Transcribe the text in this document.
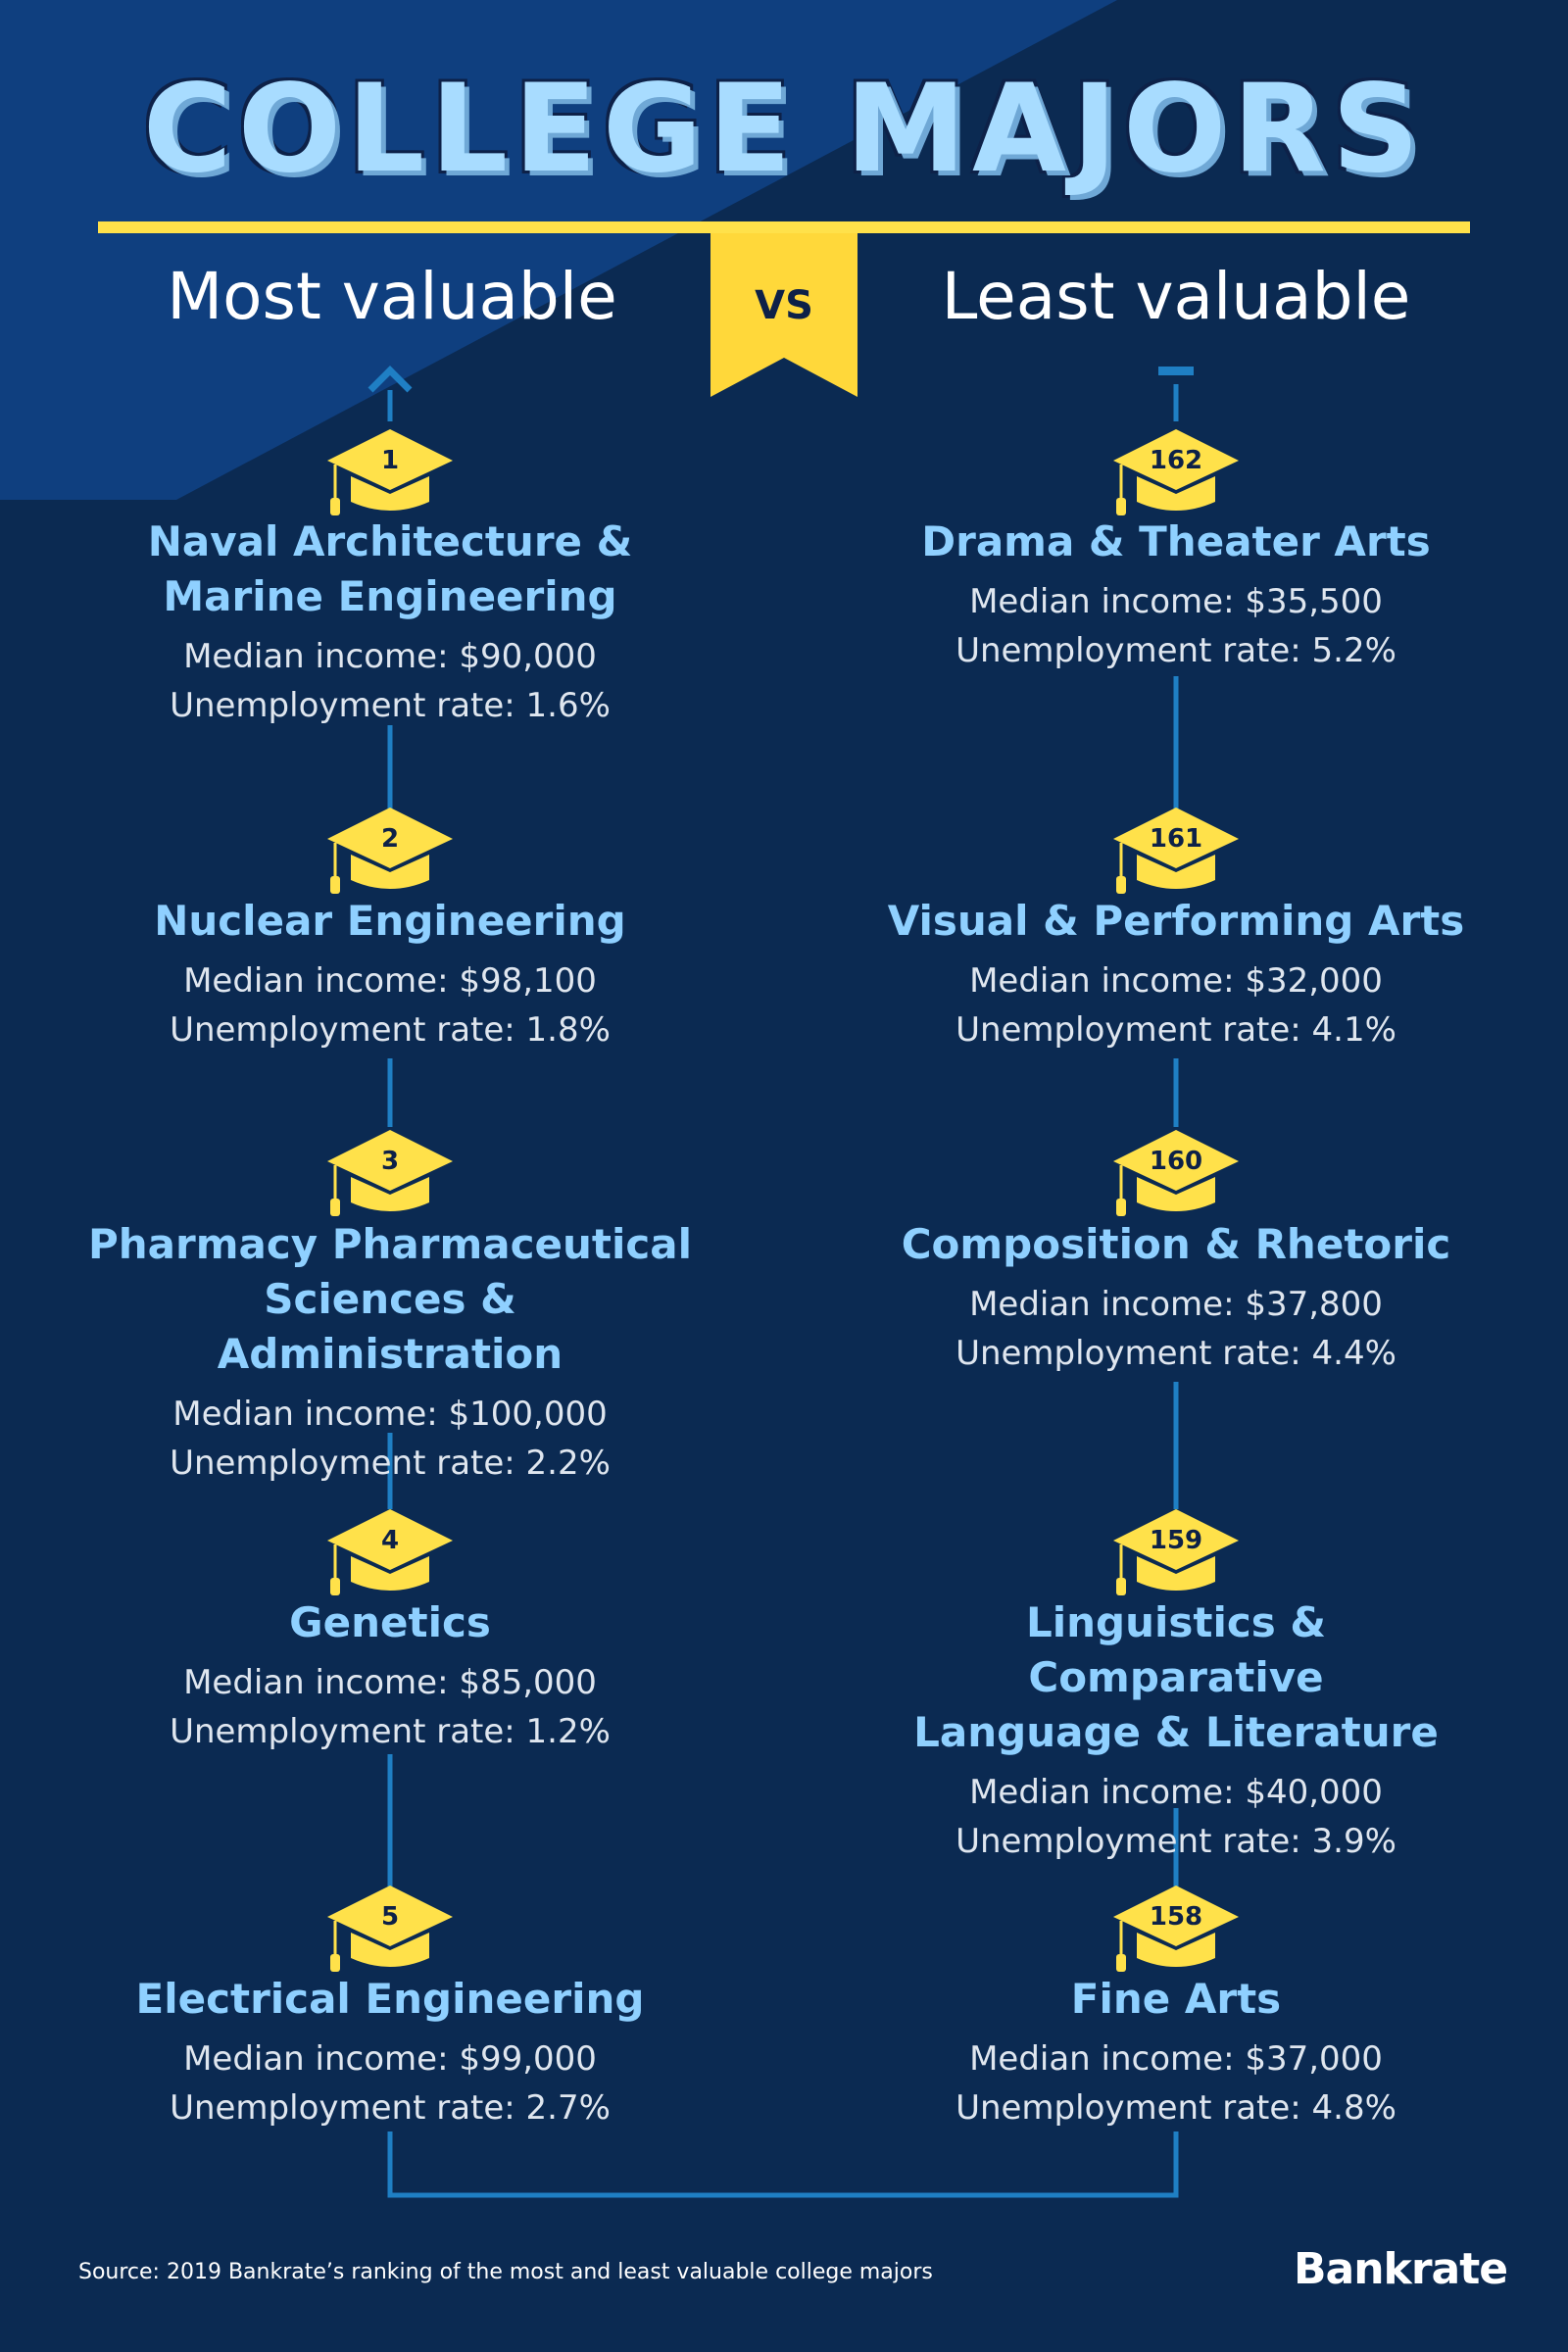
COLLEGE MAJORS
Most valuable	VS	Least valuable
1
Naval Architecture &
Marine Engineering
Median income: $90,000
Unemployment rate: 1.6%
2
Nuclear Engineering
Median income: $98,100
Unemployment rate: 1.8%
3
Pharmacy Pharmaceutical
Sciences & Administration
Median income: $100,000
Unemployment rate: 2.2%
4
Genetics
Median income: $85,000
Unemployment rate: 1.2%
5
Electrical Engineering
Median income: $99,000
Unemployment rate: 2.7%
162
Drama & Theater Arts
Median income: $35,500
Unemployment rate: 5.2%
161
Visual & Performing Arts
Median income: $32,000
Unemployment rate: 4.1%
160
Composition & Rhetoric
Median income: $37,800
Unemployment rate: 4.4%
159
Linguistics & Comparative
Language & Literature
Median income: $40,000
Unemployment rate: 3.9%
158
Fine Arts
Median income: $37,000
Unemployment rate: 4.8%
Source: 2019 Bankrate’s ranking of the most and least valuable college majors	Bankrate
